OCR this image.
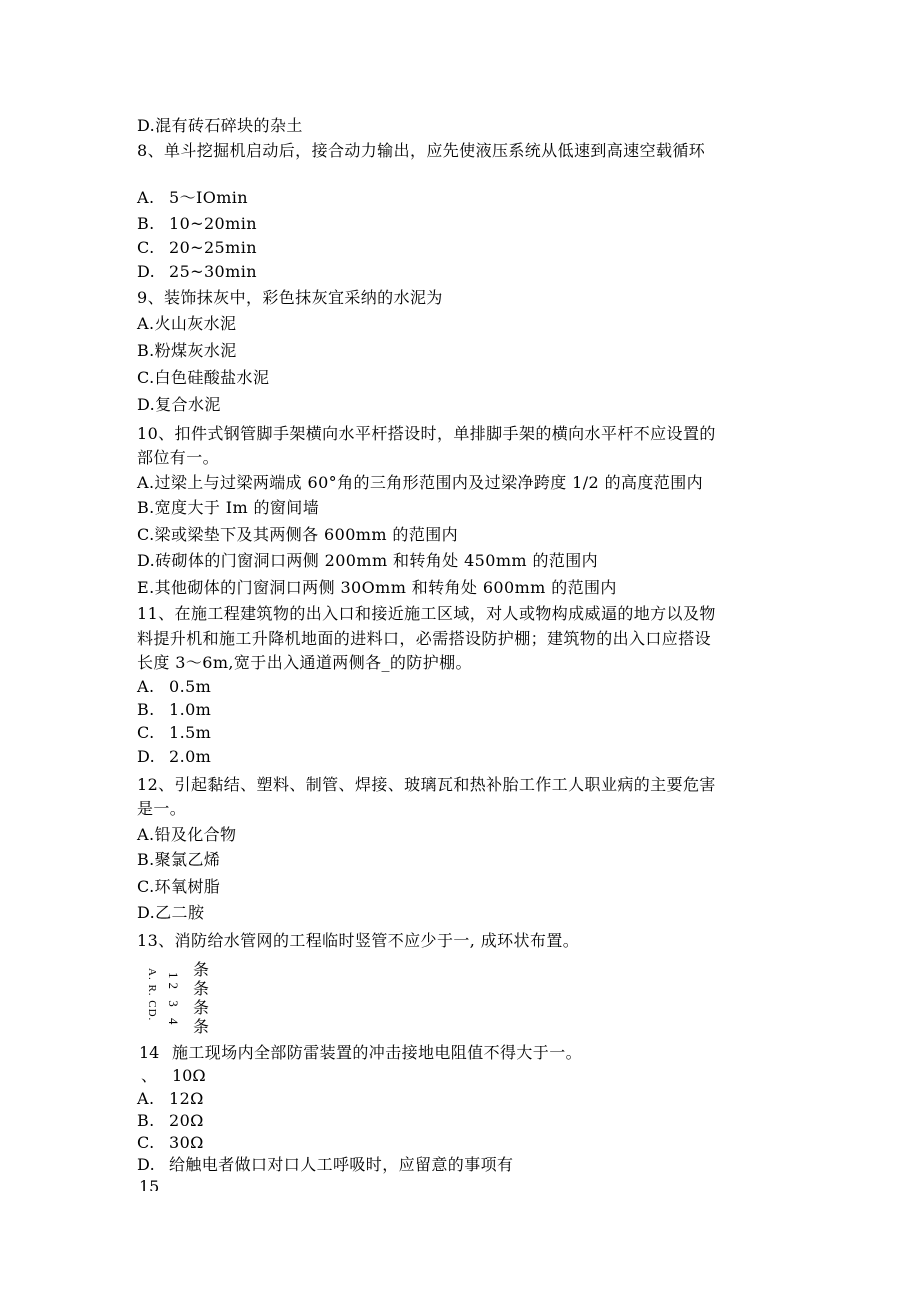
D.混有砖石碎块的杂土
8、单斗挖掘机启动后，接合动力输出，应先使液压系统从低速到高速空载循环
A. 5～IOmin
B. 10~20min
C. 20~25min
D. 25~30min
9、装饰抹灰中，彩色抹灰宜采纳的水泥为
A.火山灰水泥
B.粉煤灰水泥
C.白色硅酸盐水泥
D.复合水泥
10、扣件式钢管脚手架横向水平杆搭设时，单排脚手架的横向水平杆不应设置的
部位有一。
A.过梁上与过梁两端成 60°角的三角形范围内及过梁净跨度 1/2 的高度范围内
B.宽度大于 Im 的窗间墙
C.梁或梁垫下及其两侧各 600mm 的范围内
D.砖砌体的门窗洞口两侧 200mm 和转角处 450mm 的范围内
E.其他砌体的门窗洞口两侧 30Omm 和转角处 600mm 的范围内
11、在施工程建筑物的出入口和接近施工区域，对人或物构成威逼的地方以及物
料提升机和施工升降机地面的进料口，必需搭设防护棚；建筑物的出入口应搭设
长度 3～6m,宽于出入通道两侧各_的防护棚。
A. 0.5m
B. 1.0m
C. 1.5m
D. 2.0m
12、引起黏结、塑料、制管、焊接、玻璃瓦和热补胎工作工人职业病的主要危害
是一。
A.铅及化合物
B.聚氯乙烯
C.环氧树脂
D.乙二胺
13、消防给水管网的工程临时竖管不应少于一, 成环状布置。
A. R. CD. 12 3 4
条
条
条
条
14 施工现场内全部防雷装置的冲击接地电阻值不得大于一。
、 10Ω
A. 12Ω
B. 20Ω
C. 30Ω
D. 给触电者做口对口人工呼吸时，应留意的事项有
15
